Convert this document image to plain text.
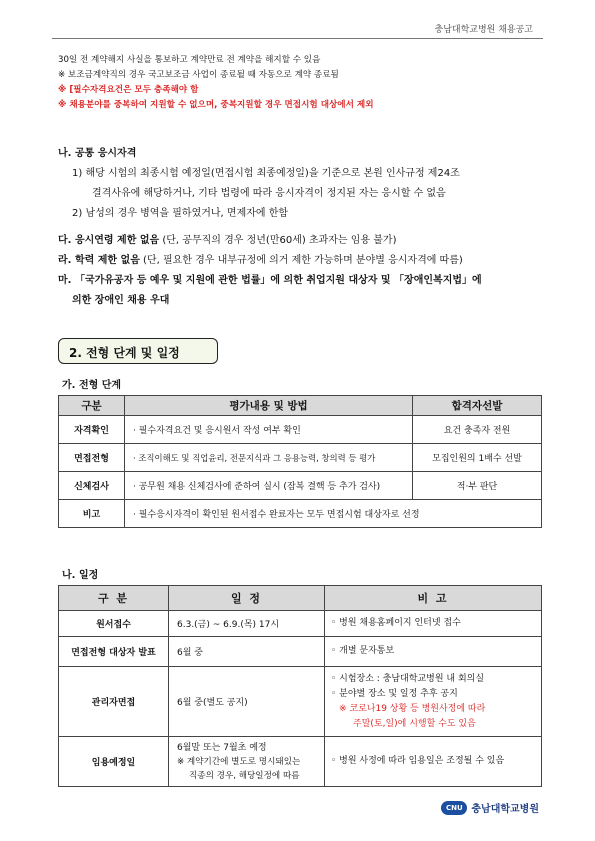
충남대학교병원 채용공고
30일 전 계약해지 사실을 통보하고 계약만료 전 계약을 해지할 수 있음
※ 보조금계약직의 경우 국고보조금 사업이 종료될 때 자동으로 계약 종료됨
※ [필수자격요건은 모두 충족해야 함
※ 채용분야를 중복하여 지원할 수 없으며, 중복지원할 경우 면접시험 대상에서 제외
나. 공통 응시자격
1) 해당 시험의 최종시험 예정일(면접시험 최종예정일)을 기준으로 본원 인사규정 제24조
결격사유에 해당하거나, 기타 법령에 따라 응시자격이 정지된 자는 응시할 수 없음
2) 남성의 경우 병역을 필하였거나, 면제자에 한함
다. 응시연령 제한 없음 (단, 공무직의 경우 정년(만60세) 초과자는 임용 불가)
라. 학력 제한 없음 (단, 필요한 경우 내부규정에 의거 제한 가능하며 분야별 응시자격에 따름)
마. 「국가유공자 등 예우 및 지원에 관한 법률」에 의한 취업지원 대상자 및 「장애인복지법」에
의한 장애인 채용 우대
2. 전형 단계 및 일정
가. 전형 단계
구분	평가내용 및 방법	합격자선발
자격확인	· 필수자격요건 및 응시원서 작성 여부 확인	요건 충족자 전원
면접전형	· 조직이해도 및 직업윤리, 전문지식과 그 응용능력, 창의력 등 평가	모집인원의 1배수 선발
신체검사	· 공무원 채용 신체검사에 준하여 실시 (잠복 결핵 등 추가 검사)	적·부 판단
비고	· 필수응시자격이 확인된 원서접수 완료자는 모두 면접시험 대상자로 선정	
나. 일정
구 분	일 정	비 고
원서접수	6.3.(금) ~ 6.9.(목) 17시	◦ 병원 채용홈페이지 인터넷 접수
면접전형 대상자 발표	6월 중	◦ 개별 문자통보
관리자면접	6월 중(별도 공지)	◦ 시험장소 : 충남대학교병원 내 회의실
◦ 분야별 장소 및 일정 추후 공지
※ 코로나19 상황 등 병원사정에 따라
주말(토,일)에 시행할 수도 있음

임용예정일	6월말 또는 7월초 예정
※ 계약기간에 별도로 명시돼있는
직종의 경우, 해당일정에 따름	◦ 병원 사정에 따라 임용일은 조정될 수 있음
CNU 충남대학교병원
